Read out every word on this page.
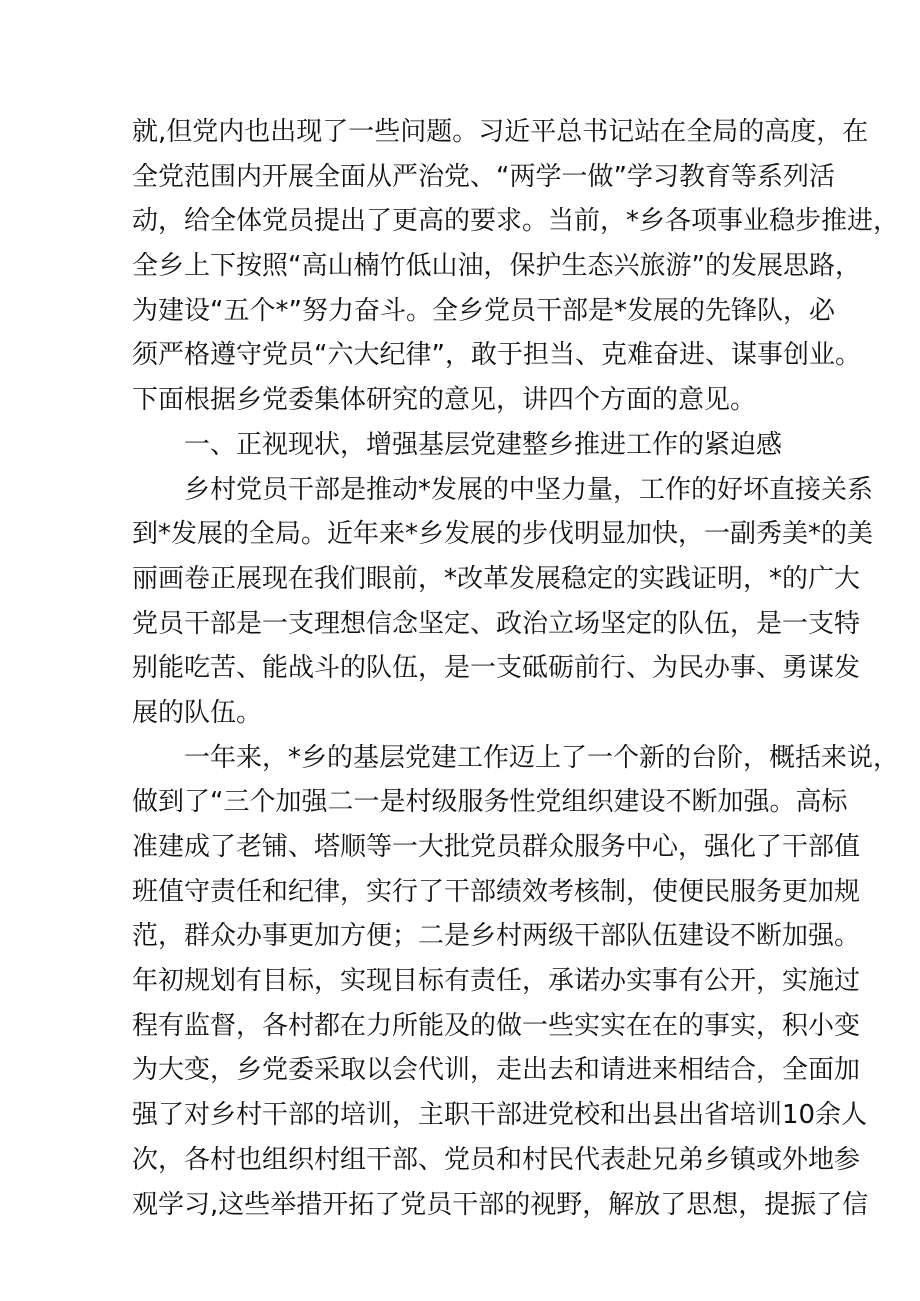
就,但党内也出现了一些问题。习近平总书记站在全局的高度，在
全党范围内开展全面从严治党、“两学一做”学习教育等系列活
动，给全体党员提出了更高的要求。当前，*乡各项事业稳步推进，
全乡上下按照“高山楠竹低山油，保护生态兴旅游”的发展思路，
为建设“五个*”努力奋斗。全乡党员干部是*发展的先锋队，必
须严格遵守党员“六大纪律”，敢于担当、克难奋进、谋事创业。
下面根据乡党委集体研究的意见，讲四个方面的意见。
　　一、正视现状，增强基层党建整乡推进工作的紧迫感
　　乡村党员干部是推动*发展的中坚力量，工作的好坏直接关系
到*发展的全局。近年来*乡发展的步伐明显加快，一副秀美*的美
丽画卷正展现在我们眼前，*改革发展稳定的实践证明，*的广大
党员干部是一支理想信念坚定、政治立场坚定的队伍，是一支特
别能吃苦、能战斗的队伍，是一支砥砺前行、为民办事、勇谋发
展的队伍。
　　一年来，*乡的基层党建工作迈上了一个新的台阶，概括来说，
做到了“三个加强二一是村级服务性党组织建设不断加强。高标
准建成了老铺、塔顺等一大批党员群众服务中心，强化了干部值
班值守责任和纪律，实行了干部绩效考核制，使便民服务更加规
范，群众办事更加方便；二是乡村两级干部队伍建设不断加强。
年初规划有目标，实现目标有责任，承诺办实事有公开，实施过
程有监督，各村都在力所能及的做一些实实在在的事实，积小变
为大变，乡党委采取以会代训，走出去和请进来相结合，全面加
强了对乡村干部的培训，主职干部进党校和出县出省培训10余人
次，各村也组织村组干部、党员和村民代表赴兄弟乡镇或外地参
观学习,这些举措开拓了党员干部的视野，解放了思想，提振了信
